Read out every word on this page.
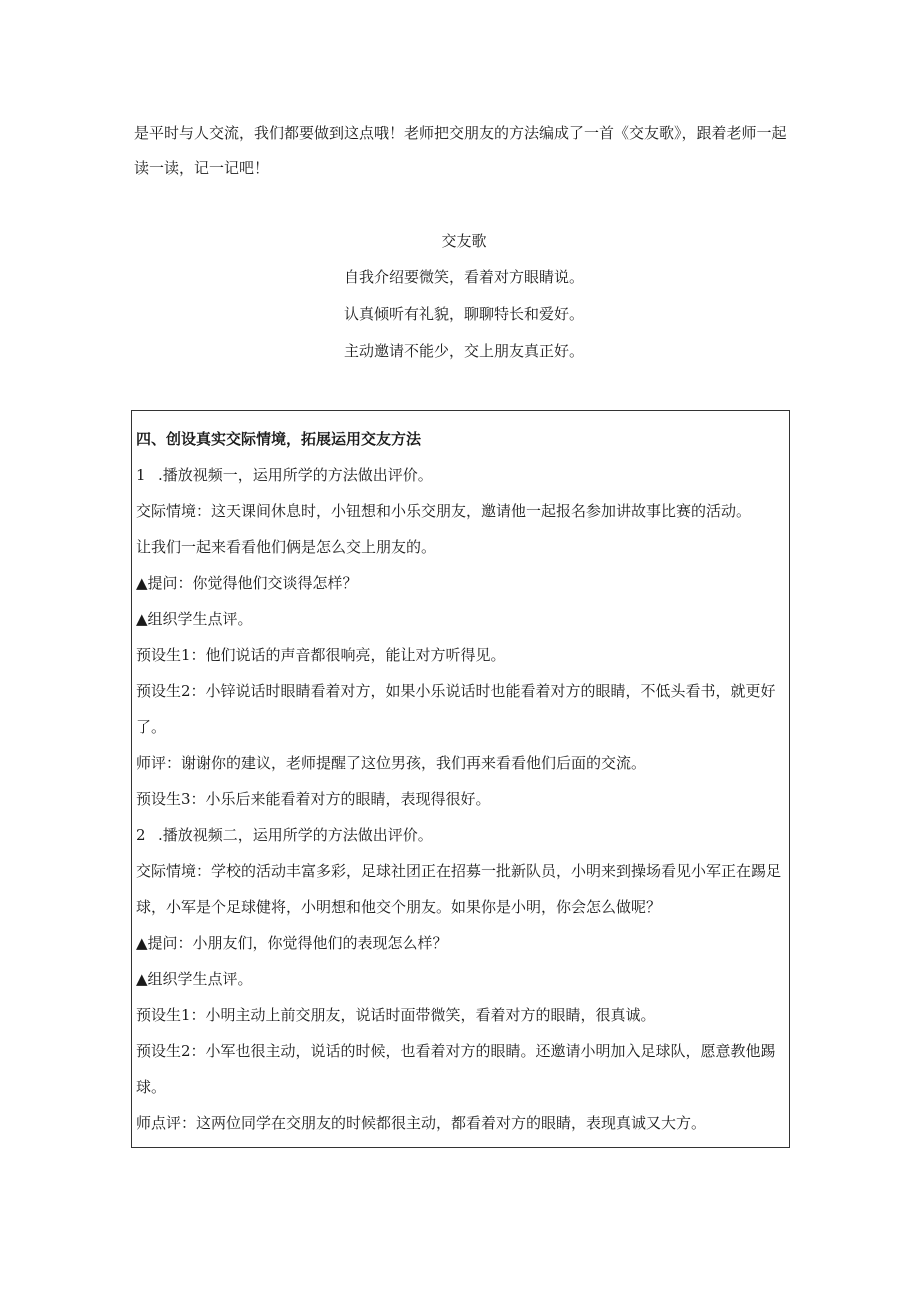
是平时与人交流，我们都要做到这点哦！老师把交朋友的方法编成了一首《交友歌》，跟着老师一起读一读，记一记吧！

交友歌
自我介绍要微笑，看着对方眼睛说。
认真倾听有礼貌，聊聊特长和爱好。
主动邀请不能少，交上朋友真正好。
四、创设真实交际情境，拓展运用交友方法
1 .播放视频一，运用所学的方法做出评价。
交际情境：这天课间休息时，小钮想和小乐交朋友，邀请他一起报名参加讲故事比赛的活动。
让我们一起来看看他们俩是怎么交上朋友的。
▲提问：你觉得他们交谈得怎样？
▲组织学生点评。
预设生1：他们说话的声音都很响亮，能让对方听得见。
预设生2：小锌说话时眼睛看着对方，如果小乐说话时也能看着对方的眼睛，不低头看书，就更好了。
师评：谢谢你的建议，老师提醒了这位男孩，我们再来看看他们后面的交流。
预设生3：小乐后来能看着对方的眼睛，表现得很好。
2 .播放视频二，运用所学的方法做出评价。
交际情境：学校的活动丰富多彩，足球社团正在招募一批新队员，小明来到操场看见小军正在踢足球，小军是个足球健将，小明想和他交个朋友。如果你是小明，你会怎么做呢？
▲提问：小朋友们，你觉得他们的表现怎么样？
▲组织学生点评。
预设生1：小明主动上前交朋友，说话时面带微笑，看着对方的眼睛，很真诚。
预设生2：小军也很主动，说话的时候，也看着对方的眼睛。还邀请小明加入足球队，愿意教他踢球。
师点评：这两位同学在交朋友的时候都很主动，都看着对方的眼睛，表现真诚又大方。
